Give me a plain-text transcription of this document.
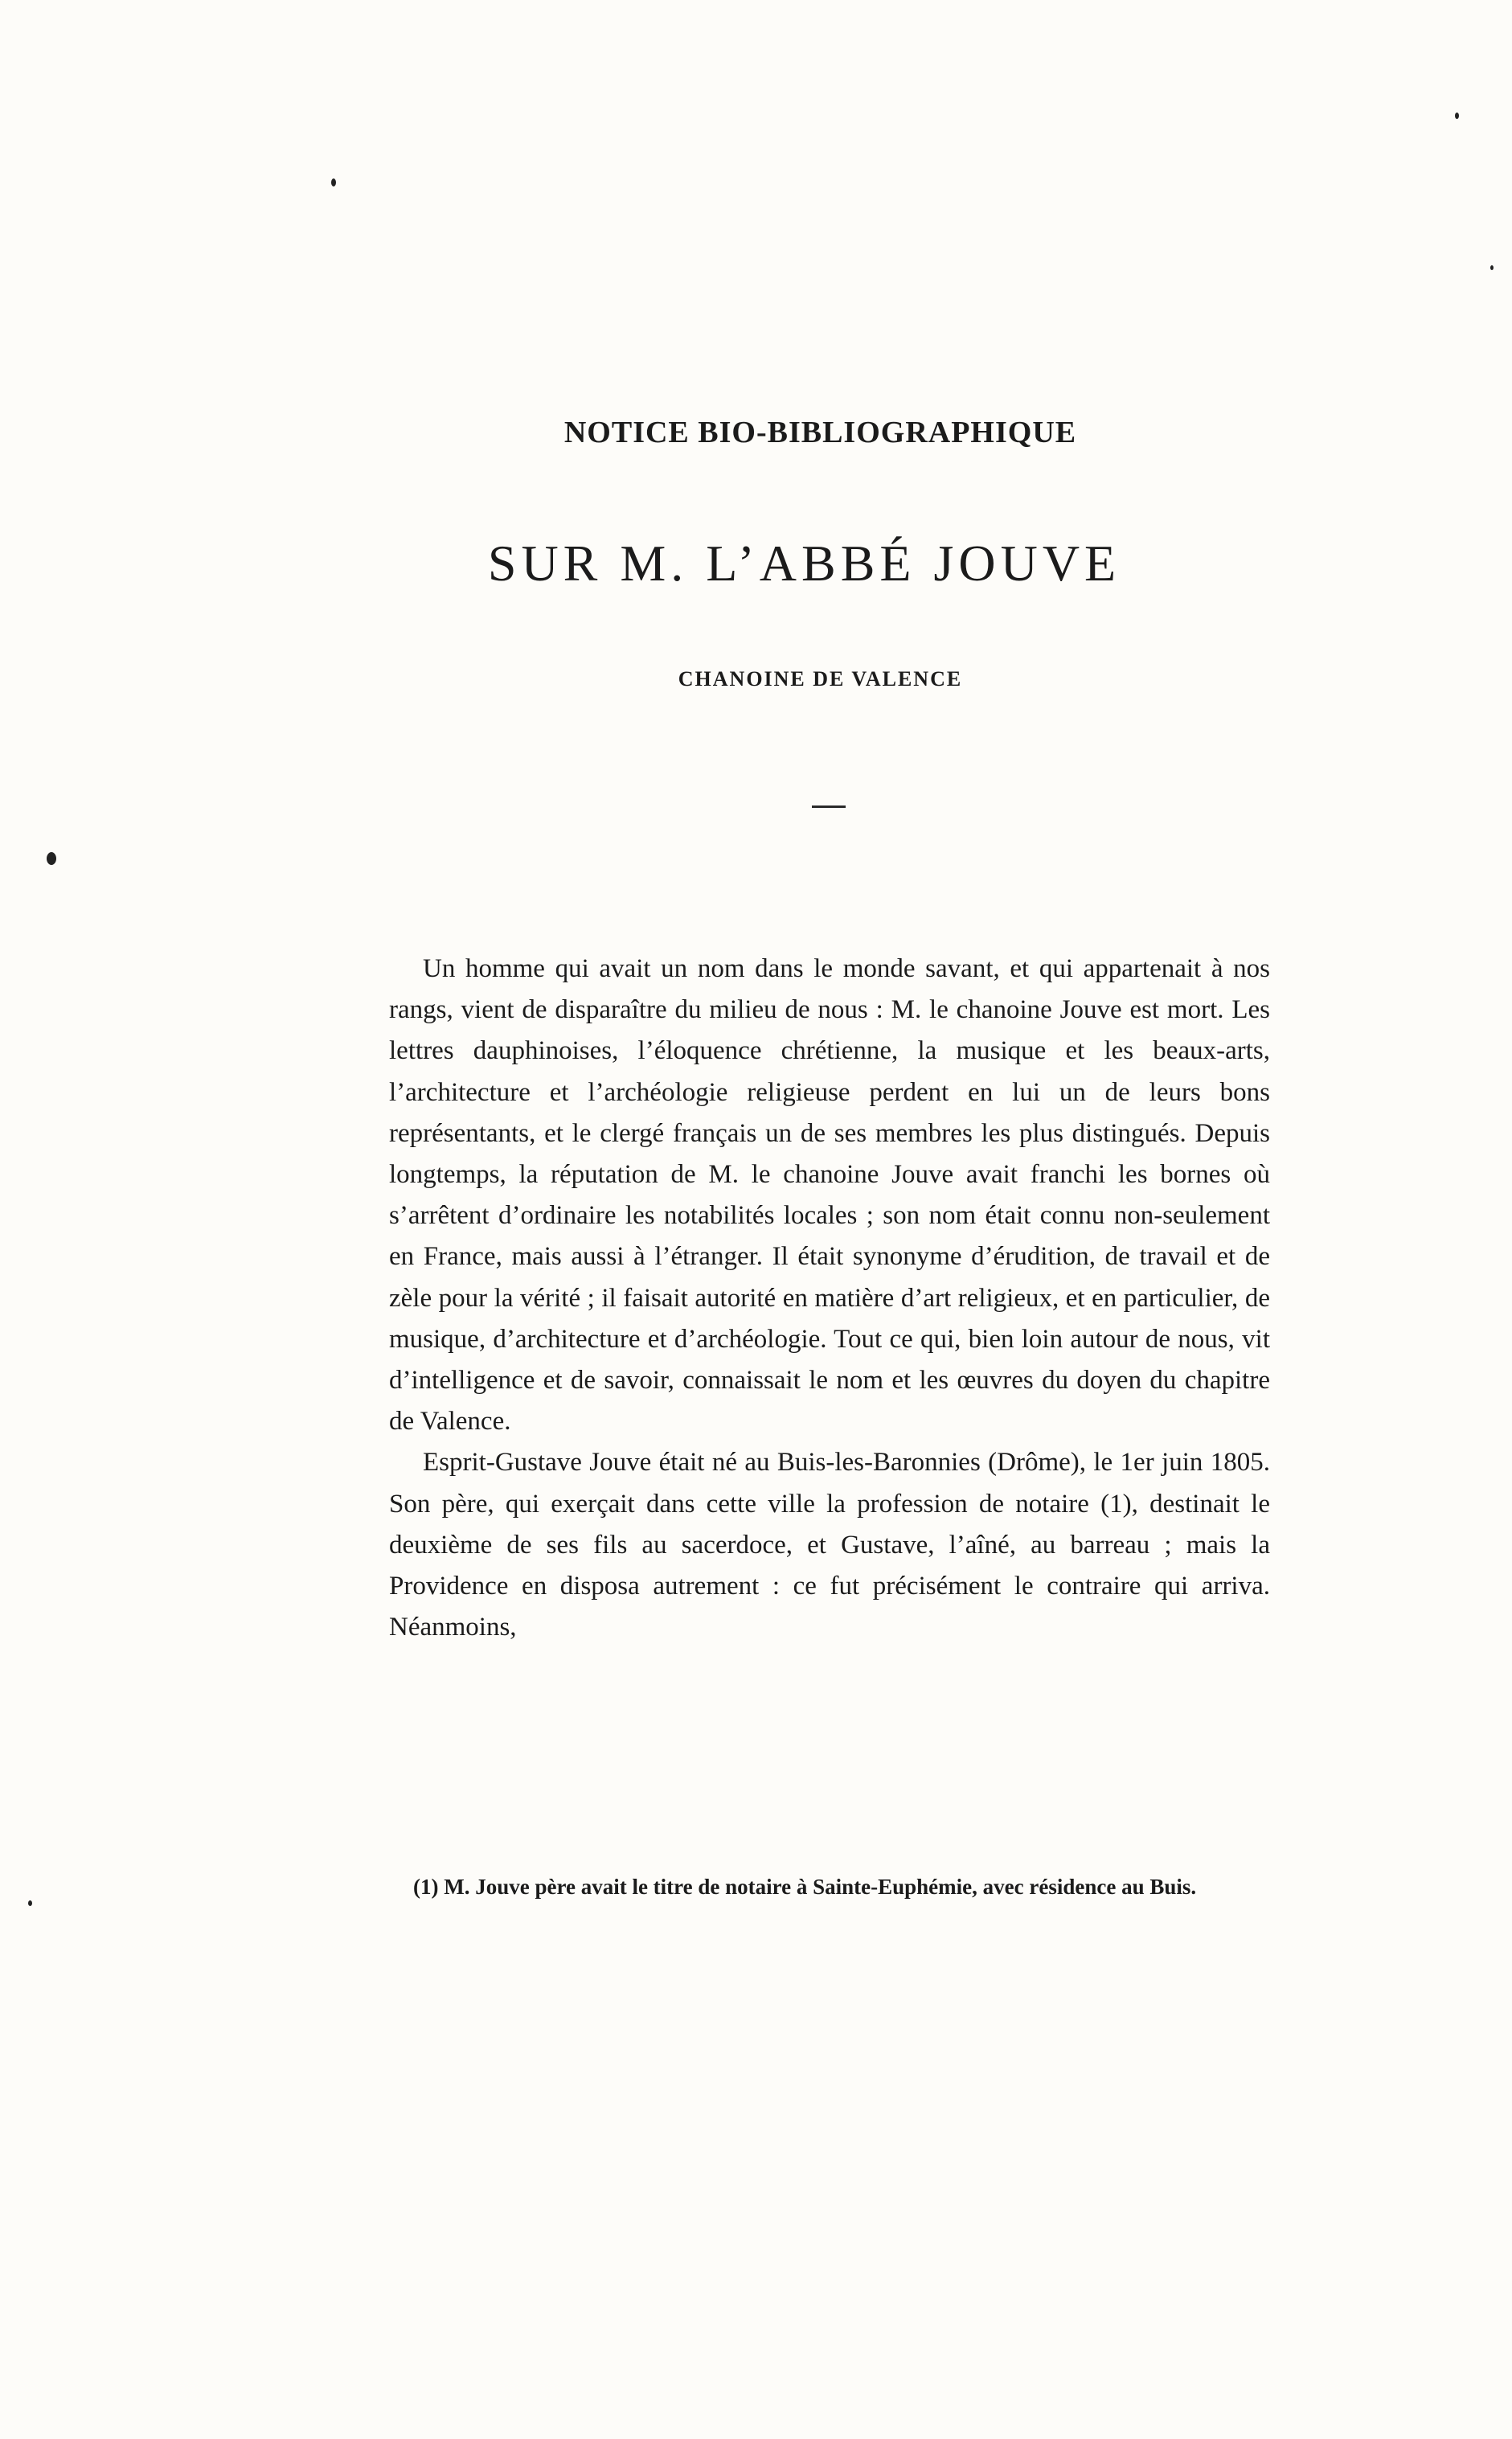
NOTICE BIO-BIBLIOGRAPHIQUE
SUR M. L’ABBÉ JOUVE
CHANOINE DE VALENCE

Un homme qui avait un nom dans le monde savant, et qui appartenait à nos rangs, vient de disparaître du milieu de nous : M. le chanoine Jouve est mort. Les lettres dauphinoises, l’éloquence chrétienne, la musique et les beaux-arts, l’architecture et l’archéologie religieuse perdent en lui un de leurs bons représentants, et le clergé français un de ses membres les plus distingués. Depuis longtemps, la réputation de M. le chanoine Jouve avait franchi les bornes où s’arrêtent d’ordinaire les notabilités locales ; son nom était connu non-seulement en France, mais aussi à l’étranger. Il était synonyme d’érudition, de travail et de zèle pour la vérité ; il faisait autorité en matière d’art religieux, et en particulier, de musique, d’architecture et d’archéologie. Tout ce qui, bien loin autour de nous, vit d’intelligence et de savoir, connaissait le nom et les œuvres du doyen du chapitre de Valence.

Esprit-Gustave Jouve était né au Buis-les-Baronnies (Drôme), le 1er juin 1805. Son père, qui exerçait dans cette ville la profession de notaire (1), destinait le deuxième de ses fils au sacerdoce, et Gustave, l’aîné, au barreau ; mais la Providence en disposa autrement : ce fut précisément le contraire qui arriva. Néanmoins,

(1) M. Jouve père avait le titre de notaire à Sainte-Euphémie, avec résidence au Buis.
